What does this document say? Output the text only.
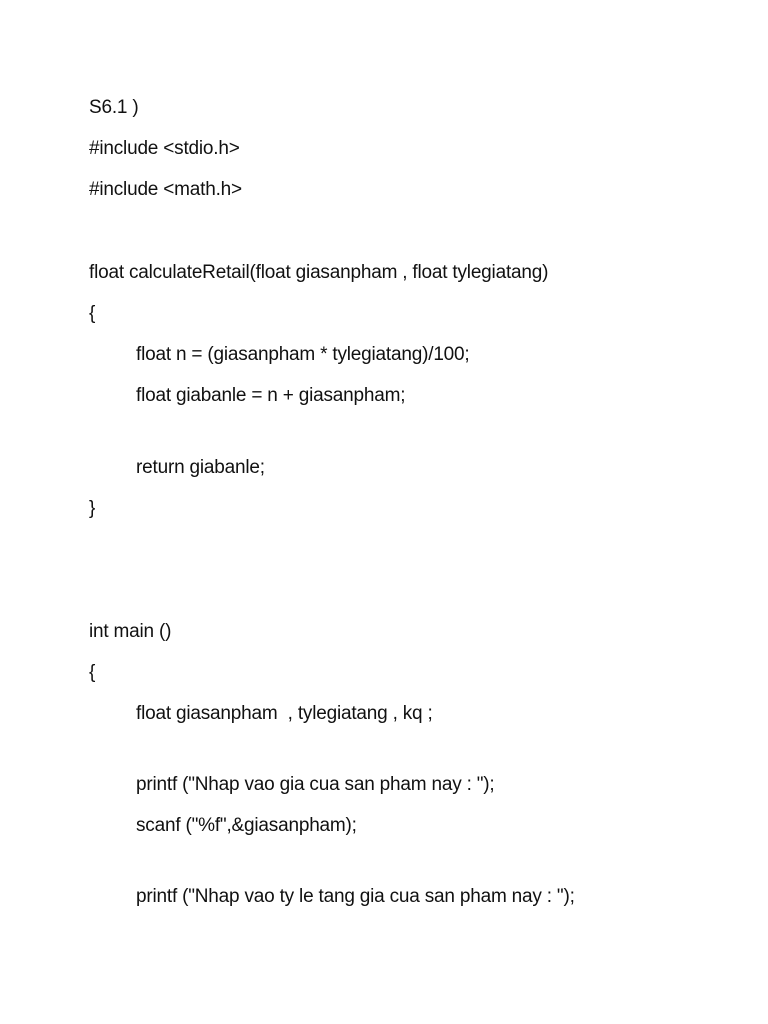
S6.1 )
#include <stdio.h>
#include <math.h>
float calculateRetail(float giasanpham , float tylegiatang)
{
float n = (giasanpham * tylegiatang)/100;
float giabanle = n + giasanpham;
return giabanle;
}
int main ()
{
float giasanpham  , tylegiatang , kq ;
printf ("Nhap vao gia cua san pham nay : ");
scanf ("%f",&giasanpham);
printf ("Nhap vao ty le tang gia cua san pham nay : ");
